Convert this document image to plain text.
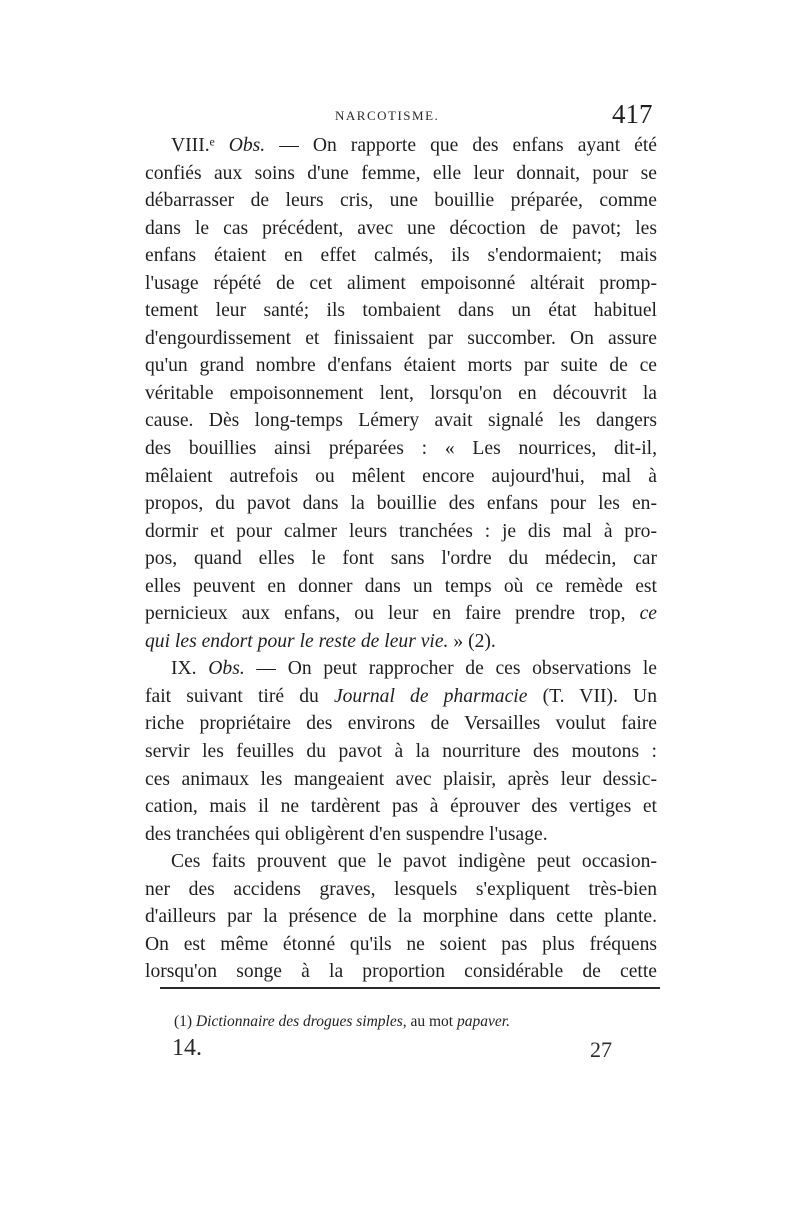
NARCOTISME.	417
VIII.ᵉ Obs. — On rapporte que des enfans ayant été
confiés aux soins d'une femme, elle leur donnait, pour se
débarrasser de leurs cris, une bouillie préparée, comme
dans le cas précédent, avec une décoction de pavot; les
enfans étaient en effet calmés, ils s'endormaient; mais
l'usage répété de cet aliment empoisonné altérait promp-
tement leur santé; ils tombaient dans un état habituel
d'engourdissement et finissaient par succomber. On assure
qu'un grand nombre d'enfans étaient morts par suite de ce
véritable empoisonnement lent, lorsqu'on en découvrit la
cause. Dès long-temps Lémery avait signalé les dangers
des bouillies ainsi préparées : « Les nourrices, dit-il,
mêlaient autrefois ou mêlent encore aujourd'hui, mal à
propos, du pavot dans la bouillie des enfans pour les en-
dormir et pour calmer leurs tranchées : je dis mal à pro-
pos, quand elles le font sans l'ordre du médecin, car
elles peuvent en donner dans un temps où ce remède est
pernicieux aux enfans, ou leur en faire prendre trop, ce
qui les endort pour le reste de leur vie. » (2).
IX. Obs. — On peut rapprocher de ces observations le
fait suivant tiré du Journal de pharmacie (T. VII). Un
riche propriétaire des environs de Versailles voulut faire
servir les feuilles du pavot à la nourriture des moutons :
ces animaux les mangeaient avec plaisir, après leur dessic-
cation, mais il ne tardèrent pas à éprouver des vertiges et
des tranchées qui obligèrent d'en suspendre l'usage.
Ces faits prouvent que le pavot indigène peut occasion-
ner des accidens graves, lesquels s'expliquent très-bien
d'ailleurs par la présence de la morphine dans cette plante.
On est même étonné qu'ils ne soient pas plus fréquens
lorsqu'on songe à la proportion considérable de cette
(1) Dictionnaire des drogues simples, au mot papaver.
14.	27
